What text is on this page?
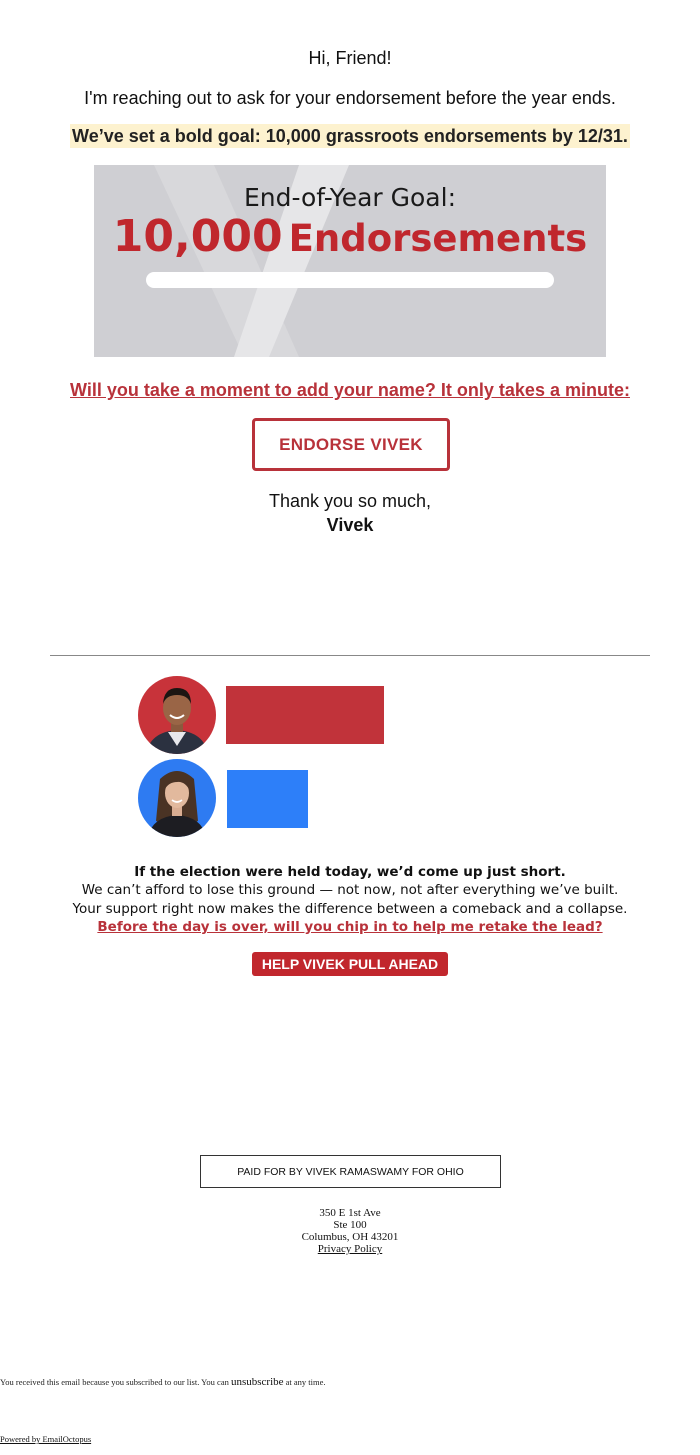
Hi, Friend!
I'm reaching out to ask for your endorsement before the year ends.
We’ve set a bold goal: 10,000 grassroots endorsements by 12/31.
End-of-Year Goal:
10,000 Endorsements
Will you take a moment to add your name? It only takes a minute:
ENDORSE VIVEK
Thank you so much,
Vivek
If the election were held today, we’d come up just short.
We can’t afford to lose this ground — not now, not after everything we’ve built.
Your support right now makes the difference between a comeback and a collapse.
Before the day is over, will you chip in to help me retake the lead?
HELP VIVEK PULL AHEAD
PAID FOR BY VIVEK RAMASWAMY FOR OHIO
350 E 1st Ave
Ste 100
Columbus, OH 43201
Privacy Policy
You received this email because you subscribed to our list. You can unsubscribe at any time.
Powered by EmailOctopus
